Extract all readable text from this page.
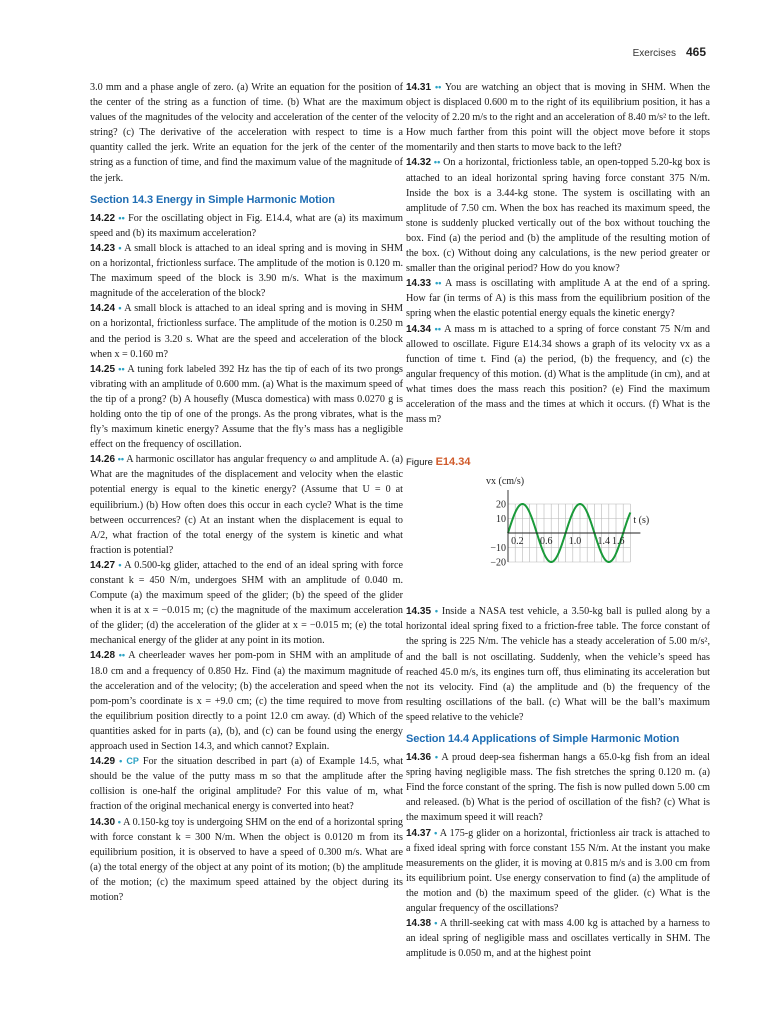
Exercises 465

3.0 mm and a phase angle of zero. (a) Write an equation for the position of the center of the string as a function of time. (b) What are the maximum values of the magnitudes of the velocity and acceleration of the center of the string? (c) The derivative of the acceleration with respect to time is a quantity called the jerk. Write an equation for the jerk of the center of the string as a function of time, and find the maximum value of the magnitude of the jerk.

Section 14.3 Energy in Simple Harmonic Motion

14.22 •• For the oscillating object in Fig. E14.4, what are (a) its maximum speed and (b) its maximum acceleration?

14.23 • A small block is attached to an ideal spring and is moving in SHM on a horizontal, frictionless surface. The amplitude of the motion is 0.120 m. The maximum speed of the block is 3.90 m/s. What is the maximum magnitude of the acceleration of the block?

14.24 • A small block is attached to an ideal spring and is moving in SHM on a horizontal, frictionless surface. The amplitude of the motion is 0.250 m and the period is 3.20 s. What are the speed and acceleration of the block when x = 0.160 m?

14.25 •• A tuning fork labeled 392 Hz has the tip of each of its two prongs vibrating with an amplitude of 0.600 mm. (a) What is the maximum speed of the tip of a prong? (b) A housefly (Musca domestica) with mass 0.0270 g is holding onto the tip of one of the prongs. As the prong vibrates, what is the fly’s maximum kinetic energy? Assume that the fly’s mass has a negligible effect on the frequency of oscillation.

14.26 •• A harmonic oscillator has angular frequency ω and amplitude A. (a) What are the magnitudes of the displacement and velocity when the elastic potential energy is equal to the kinetic energy? (Assume that U = 0 at equilibrium.) (b) How often does this occur in each cycle? What is the time between occurrences? (c) At an instant when the displacement is equal to A/2, what fraction of the total energy of the system is kinetic and what fraction is potential?

14.27 • A 0.500-kg glider, attached to the end of an ideal spring with force constant k = 450 N/m, undergoes SHM with an amplitude of 0.040 m. Compute (a) the maximum speed of the glider; (b) the speed of the glider when it is at x = −0.015 m; (c) the magnitude of the maximum acceleration of the glider; (d) the acceleration of the glider at x = −0.015 m; (e) the total mechanical energy of the glider at any point in its motion.

14.28 •• A cheerleader waves her pom-pom in SHM with an amplitude of 18.0 cm and a frequency of 0.850 Hz. Find (a) the maximum magnitude of the acceleration and of the velocity; (b) the acceleration and speed when the pom-pom’s coordinate is x = +9.0 cm; (c) the time required to move from the equilibrium position directly to a point 12.0 cm away. (d) Which of the quantities asked for in parts (a), (b), and (c) can be found using the energy approach used in Section 14.3, and which cannot? Explain.

14.29 • CP For the situation described in part (a) of Example 14.5, what should be the value of the putty mass m so that the amplitude after the collision is one-half the original amplitude? For this value of m, what fraction of the original mechanical energy is converted into heat?

14.30 • A 0.150-kg toy is undergoing SHM on the end of a horizontal spring with force constant k = 300 N/m. When the object is 0.0120 m from its equilibrium position, it is observed to have a speed of 0.300 m/s. What are (a) the total energy of the object at any point of its motion; (b) the amplitude of the motion; (c) the maximum speed attained by the object during its motion?

14.31 •• You are watching an object that is moving in SHM. When the object is displaced 0.600 m to the right of its equilibrium position, it has a velocity of 2.20 m/s to the right and an acceleration of 8.40 m/s² to the left. How much farther from this point will the object move before it stops momentarily and then starts to move back to the left?

14.32 •• On a horizontal, frictionless table, an open-topped 5.20-kg box is attached to an ideal horizontal spring having force constant 375 N/m. Inside the box is a 3.44-kg stone. The system is oscillating with an amplitude of 7.50 cm. When the box has reached its maximum speed, the stone is suddenly plucked vertically out of the box without touching the box. Find (a) the period and (b) the amplitude of the resulting motion of the box. (c) Without doing any calculations, is the new period greater or smaller than the original period? How do you know?

14.33 •• A mass is oscillating with amplitude A at the end of a spring. How far (in terms of A) is this mass from the equilibrium position of the spring when the elastic potential energy equals the kinetic energy?

14.34 •• A mass m is attached to a spring of force constant 75 N/m and allowed to oscillate. Figure E14.34 shows a graph of its velocity vx as a function of time t. Find (a) the period, (b) the frequency, and (c) the angular frequency of this motion. (d) What is the amplitude (in cm), and at what times does the mass reach this position? (e) Find the maximum acceleration of the mass and the times at which it occurs. (f) What is the mass m?

Figure E14.34
vx (cm/s)
t (s)
20
10
−10
−20
0.2 0.6 1.0 1.4 1.6

14.35 • Inside a NASA test vehicle, a 3.50-kg ball is pulled along by a horizontal ideal spring fixed to a friction-free table. The force constant of the spring is 225 N/m. The vehicle has a steady acceleration of 5.00 m/s², and the ball is not oscillating. Suddenly, when the vehicle’s speed has reached 45.0 m/s, its engines turn off, thus eliminating its acceleration but not its velocity. Find (a) the amplitude and (b) the frequency of the resulting oscillations of the ball. (c) What will be the ball’s maximum speed relative to the vehicle?

Section 14.4 Applications of Simple Harmonic Motion

14.36 • A proud deep-sea fisherman hangs a 65.0-kg fish from an ideal spring having negligible mass. The fish stretches the spring 0.120 m. (a) Find the force constant of the spring. The fish is now pulled down 5.00 cm and released. (b) What is the period of oscillation of the fish? (c) What is the maximum speed it will reach?

14.37 • A 175-g glider on a horizontal, frictionless air track is attached to a fixed ideal spring with force constant 155 N/m. At the instant you make measurements on the glider, it is moving at 0.815 m/s and is 3.00 cm from its equilibrium point. Use energy conservation to find (a) the amplitude of the motion and (b) the maximum speed of the glider. (c) What is the angular frequency of the oscillations?

14.38 • A thrill-seeking cat with mass 4.00 kg is attached by a harness to an ideal spring of negligible mass and oscillates vertically in SHM. The amplitude is 0.050 m, and at the highest point
